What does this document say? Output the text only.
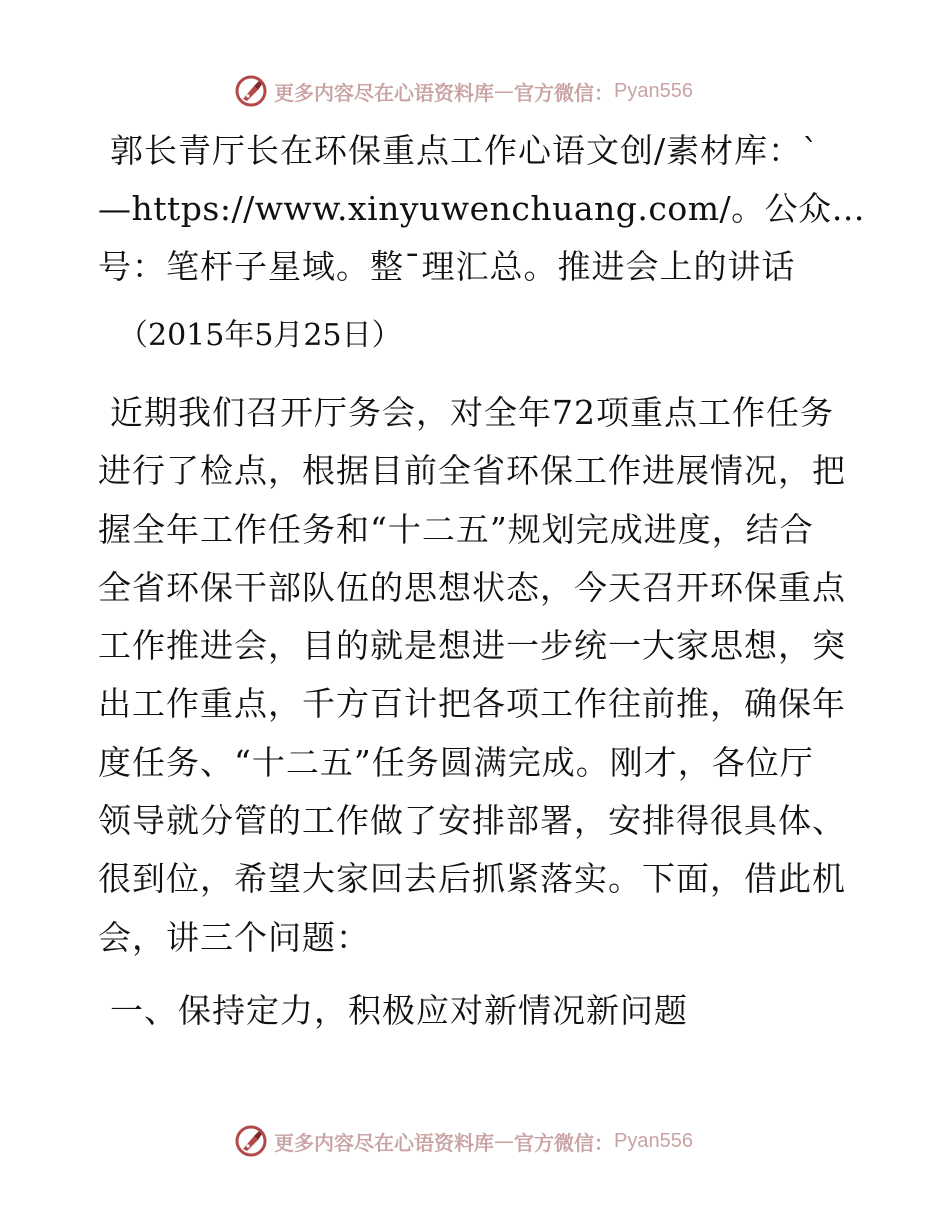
更多内容尽在心语资料库 — 官方微信： Pyan556
郭长青厅长在环保重点工作心语文创/素材库：`
—https://www.xinyuwenchuang.com/。公众…
号：笔杆子星域。整¯理汇总。推进会上的讲话
（2015年5月25日）
近期我们召开厅务会，对全年72项重点工作任务
进行了检点，根据目前全省环保工作进展情况，把
握全年工作任务和“十二五”规划完成进度，结合
全省环保干部队伍的思想状态，今天召开环保重点
工作推进会，目的就是想进一步统一大家思想，突
出工作重点，千方百计把各项工作往前推，确保年
度任务、“十二五”任务圆满完成。刚才，各位厅
领导就分管的工作做了安排部署，安排得很具体、
很到位，希望大家回去后抓紧落实。下面，借此机
会，讲三个问题：
一、保持定力，积极应对新情况新问题
更多内容尽在心语资料库 — 官方微信： Pyan556
